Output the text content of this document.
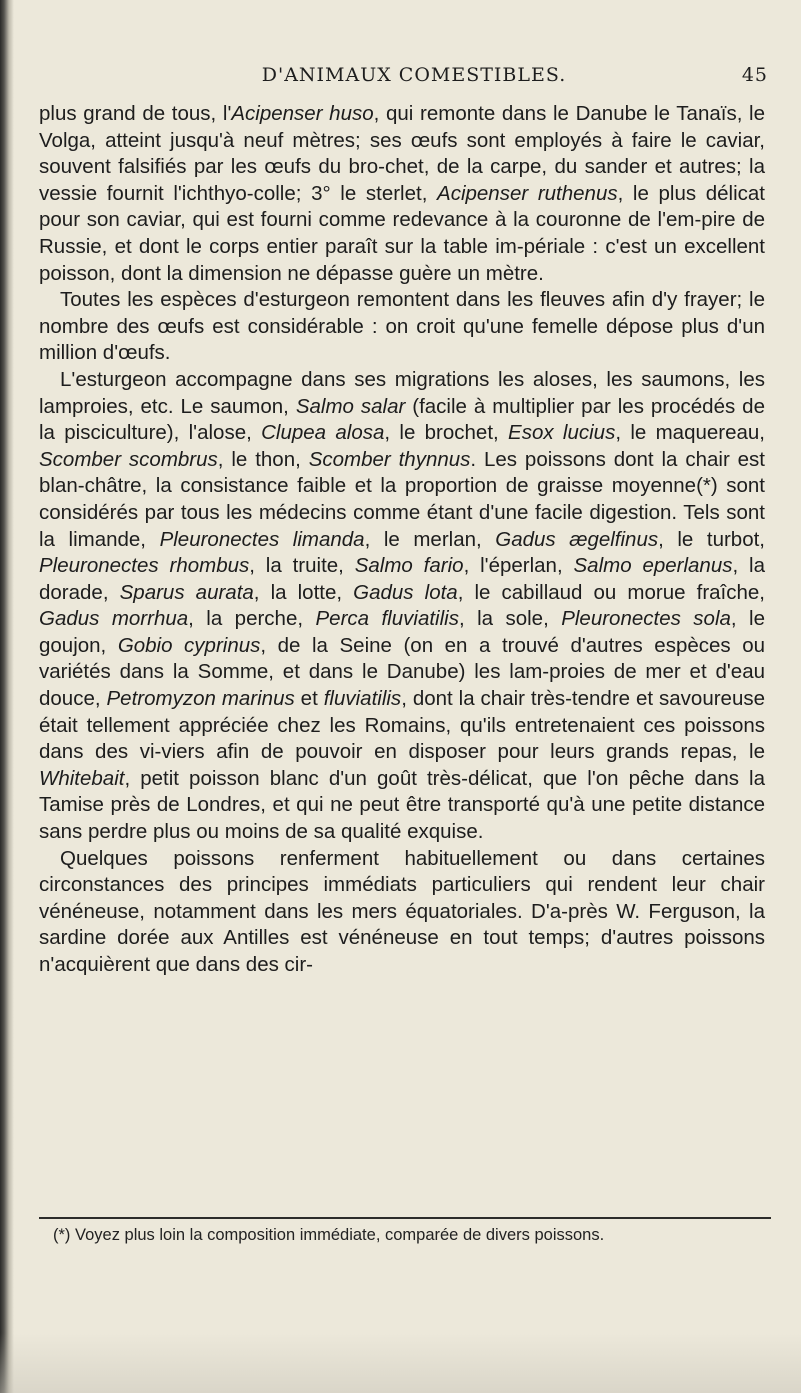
D'ANIMAUX COMESTIBLES.	45

plus grand de tous, l'Acipenser huso, qui remonte dans le Danube le Tanaïs, le Volga, atteint jusqu'à neuf mètres; ses œufs sont employés à faire le caviar, souvent falsifiés par les œufs du bro-chet, de la carpe, du sander et autres; la vessie fournit l'ichthyo-colle; 3° le sterlet, Acipenser ruthenus, le plus délicat pour son caviar, qui est fourni comme redevance à la couronne de l'em-pire de Russie, et dont le corps entier paraît sur la table im-périale : c'est un excellent poisson, dont la dimension ne dépasse guère un mètre.

Toutes les espèces d'esturgeon remontent dans les fleuves afin d'y frayer; le nombre des œufs est considérable : on croit qu'une femelle dépose plus d'un million d'œufs.

L'esturgeon accompagne dans ses migrations les aloses, les saumons, les lamproies, etc. Le saumon, Salmo salar (facile à multiplier par les procédés de la pisciculture), l'alose, Clupea alosa, le brochet, Esox lucius, le maquereau, Scomber scombrus, le thon, Scomber thynnus. Les poissons dont la chair est blan-châtre, la consistance faible et la proportion de graisse moyenne(*) sont considérés par tous les médecins comme étant d'une facile digestion. Tels sont la limande, Pleuronectes limanda, le merlan, Gadus ægelfinus, le turbot, Pleuronectes rhombus, la truite, Salmo fario, l'éperlan, Salmo eperlanus, la dorade, Sparus aurata, la lotte, Gadus lota, le cabillaud ou morue fraîche, Gadus morrhua, la perche, Perca fluviatilis, la sole, Pleuronectes sola, le goujon, Gobio cyprinus, de la Seine (on en a trouvé d'autres espèces ou variétés dans la Somme, et dans le Danube) les lam-proies de mer et d'eau douce, Petromyzon marinus et fluviatilis, dont la chair très-tendre et savoureuse était tellement appréciée chez les Romains, qu'ils entretenaient ces poissons dans des vi-viers afin de pouvoir en disposer pour leurs grands repas, le Whitebait, petit poisson blanc d'un goût très-délicat, que l'on pêche dans la Tamise près de Londres, et qui ne peut être transporté qu'à une petite distance sans perdre plus ou moins de sa qualité exquise.

Quelques poissons renferment habituellement ou dans certaines circonstances des principes immédiats particuliers qui rendent leur chair vénéneuse, notamment dans les mers équatoriales. D'a-près W. Ferguson, la sardine dorée aux Antilles est vénéneuse en tout temps; d'autres poissons n'acquièrent que dans des cir-

(*) Voyez plus loin la composition immédiate, comparée de divers poissons.
